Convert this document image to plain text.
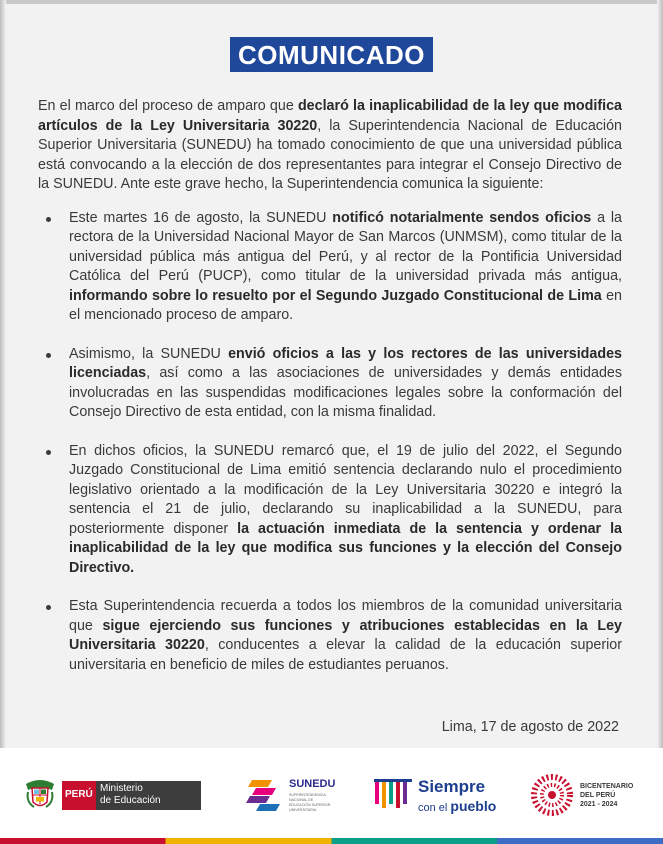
COMUNICADO

En el marco del proceso de amparo que declaró la inaplicabilidad de la ley que modifica artículos de la Ley Universitaria 30220, la Superintendencia Nacional de Educación Superior Universitaria (SUNEDU) ha tomado conocimiento de que una universidad pública está convocando a la elección de dos representantes para integrar el Consejo Directivo de la SUNEDU. Ante este grave hecho, la Superintendencia comunica la siguiente:

Este martes 16 de agosto, la SUNEDU notificó notarialmente sendos oficios a la rectora de la Universidad Nacional Mayor de San Marcos (UNMSM), como titular de la universidad pública más antigua del Perú, y al rector de la Pontificia Universidad Católica del Perú (PUCP), como titular de la universidad privada más antigua, informando sobre lo resuelto por el Segundo Juzgado Constitucional de Lima en el mencionado proceso de amparo.
Asimismo, la SUNEDU envió oficios a las y los rectores de las universidades licenciadas, así como a las asociaciones de universidades y demás entidades involucradas en las suspendidas modificaciones legales sobre la conformación del Consejo Directivo de esta entidad, con la misma finalidad.
En dichos oficios, la SUNEDU remarcó que, el 19 de julio del 2022, el Segundo Juzgado Constitucional de Lima emitió sentencia declarando nulo el procedimiento legislativo orientado a la modificación de la Ley Universitaria 30220 e integró la sentencia el 21 de julio, declarando su inaplicabilidad a la SUNEDU, para posteriormente disponer la actuación inmediata de la sentencia y ordenar la inaplicabilidad de la ley que modifica sus funciones y la elección del Consejo Directivo.
Esta Superintendencia recuerda a todos los miembros de la comunidad universitaria que sigue ejerciendo sus funciones y atribuciones establecidas en la Ley Universitaria 30220, conducentes a elevar la calidad de la educación superior universitaria en beneficio de miles de estudiantes peruanos.
Lima, 17 de agosto de 2022
PERÚ
Ministerio
de Educación
SUNEDU
SUPERINTENDENCIA NACIONAL DE EDUCACIÓN SUPERIOR UNIVERSITARIA
Siempre
con el pueblo
BICENTENARIO
DEL PERÚ
2021 - 2024
